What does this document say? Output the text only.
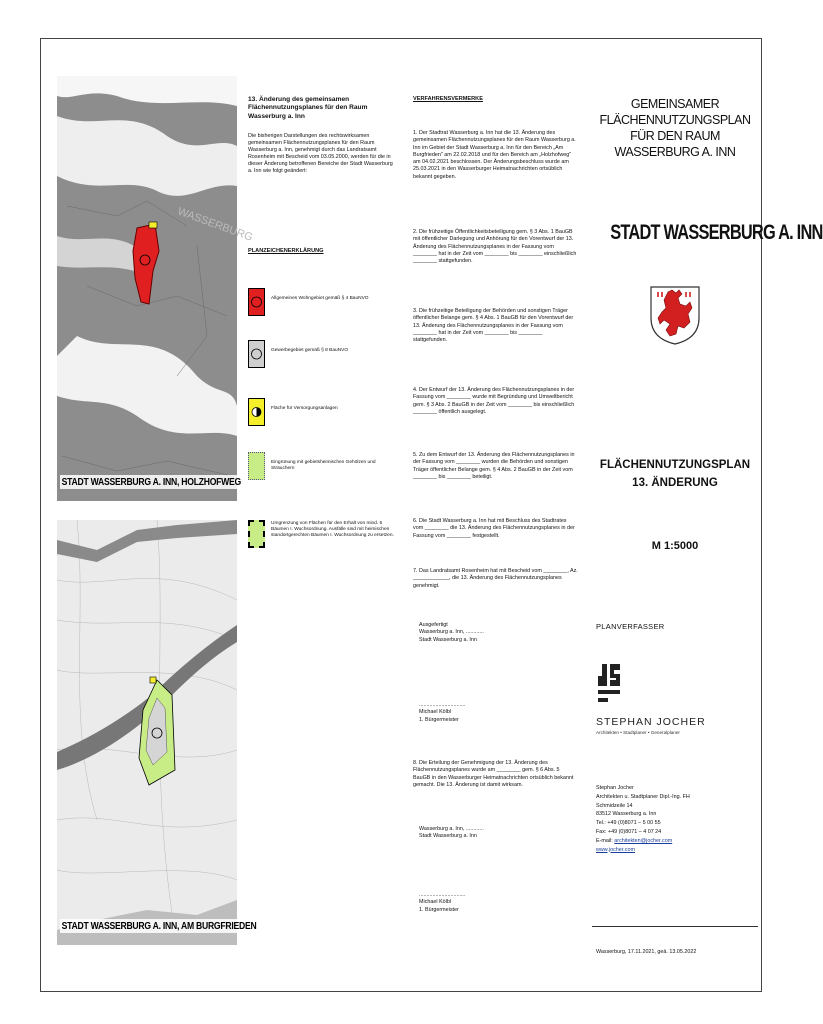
WASSERBURG
STADT WASSERBURG A. INN, HOLZHOFWEG
STADT WASSERBURG A. INN, AM BURGFRIEDEN
13. Änderung des gemeinsamen Flächennutzungsplanes für den Raum Wasserburg a. Inn
Die bisherigen Darstellungen des rechtswirksamen gemeinsamen Flächennutzungsplanes für den Raum Wasserburg a. Inn, genehmigt durch das Landratsamt Rosenheim mit Bescheid vom 03.05.2000, werden für die in dieser Änderung betroffenen Bereiche der Stadt Wasserburg a. Inn wie folgt geändert:
PLANZEICHENERKLÄRUNG
Allgemeines Wohngebiet gemäß § 4 BauNVO
Gewerbegebiet gemäß § 8 BauNVO
Fläche für Versorgungsanlagen
Eingrünung mit gebietsheimischen Gehölzen und Sträuchern
Umgrenzung von Flächen für den Erhalt von mind. 5 Bäumen I. Wuchsordnung. Ausfälle sind mit heimischen standortgerechten Bäumen I. Wuchsordnung zu ersetzen.
VERFAHRENSVERMERKE
1. Der Stadtrat Wasserburg a. Inn hat die 13. Änderung des gemeinsamen Flächennutzungsplanes für den Raum Wasserburg a. Inn im Gebiet der Stadt Wasserburg a. Inn für den Bereich „Am Burgfrieden" am 22.02.2018 und für den Bereich am „Holzhofweg" am 04.02.2021 beschlossen. Der Änderungsbeschluss wurde am 25.03.2021 in den Wasserburger Heimatnachrichten ortsüblich bekannt gegeben.
2. Die frühzeitige Öffentlichkeitsbeteiligung gem. § 3 Abs. 1 BauGB mit öffentlicher Darlegung und Anhörung für den Vorentwurf der 13. Änderung des Flächennutzungsplanes in der Fassung vom ________ hat in der Zeit vom ________ bis ________ einschließlich ________ stattgefunden.
3. Die frühzeitige Beteiligung der Behörden und sonstigen Träger öffentlicher Belange gem. § 4 Abs. 1 BauGB für den Vorentwurf der 13. Änderung des Flächennutzungsplanes in der Fassung vom ________ hat in der Zeit vom ________ bis ________ stattgefunden.
4. Der Entwurf der 13. Änderung des Flächennutzungsplanes in der Fassung vom ________ wurde mit Begründung und Umweltbericht gem. § 3 Abs. 2 BauGB in der Zeit vom ________ bis einschließlich ________ öffentlich ausgelegt.
5. Zu dem Entwurf der 13. Änderung des Flächennutzungsplanes in der Fassung vom ________ wurden die Behörden und sonstigen Träger öffentlicher Belange gem. § 4 Abs. 2 BauGB in der Zeit vom ________ bis ________ beteiligt.
6. Die Stadt Wasserburg a. Inn hat mit Beschluss des Stadtrates vom ________ die 13. Änderung des Flächennutzungsplanes in der Fassung vom ________ festgestellt.
7. Das Landratsamt Rosenheim hat mit Bescheid vom ________, Az. ____________, die 13. Änderung des Flächennutzungsplanes genehmigt.
Ausgefertigt
Wasserburg a. Inn, ............
Stadt Wasserburg a. Inn
...............................
Michael Kölbl
1. Bürgermeister
8. Die Erteilung der Genehmigung der 13. Änderung des Flächennutzungsplanes wurde am ________ gem. § 6 Abs. 5 BauGB in den Wasserburger Heimatnachrichten ortsüblich bekannt gemacht. Die 13. Änderung ist damit wirksam.
Wasserburg a. Inn, ............
Stadt Wasserburg a. Inn
...............................
Michael Kölbl
1. Bürgermeister
GEMEINSAMER FLÄCHENNUTZUNGSPLAN
FÜR DEN RAUM WASSERBURG A. INN
STADT WASSERBURG A. INN
FLÄCHENNUTZUNGSPLAN
13. ÄNDERUNG
M 1:5000
PLANVERFASSER
STEPHAN JOCHER
Architekten • Stadtplaner • Generalplaner
Stephan Jocher
Architekten u. Stadtplaner Dipl.-Ing. FH
Schmidzeile 14
83512 Wasserburg a. Inn
Tel.: +49 (0)8071 – 5 00 55
Fax: +49 (0)8071 – 4 07 24
E-mail: architekten@jocher.com
www.jocher.com
Wasserburg, 17.11.2021, geä. 13.05.2022
